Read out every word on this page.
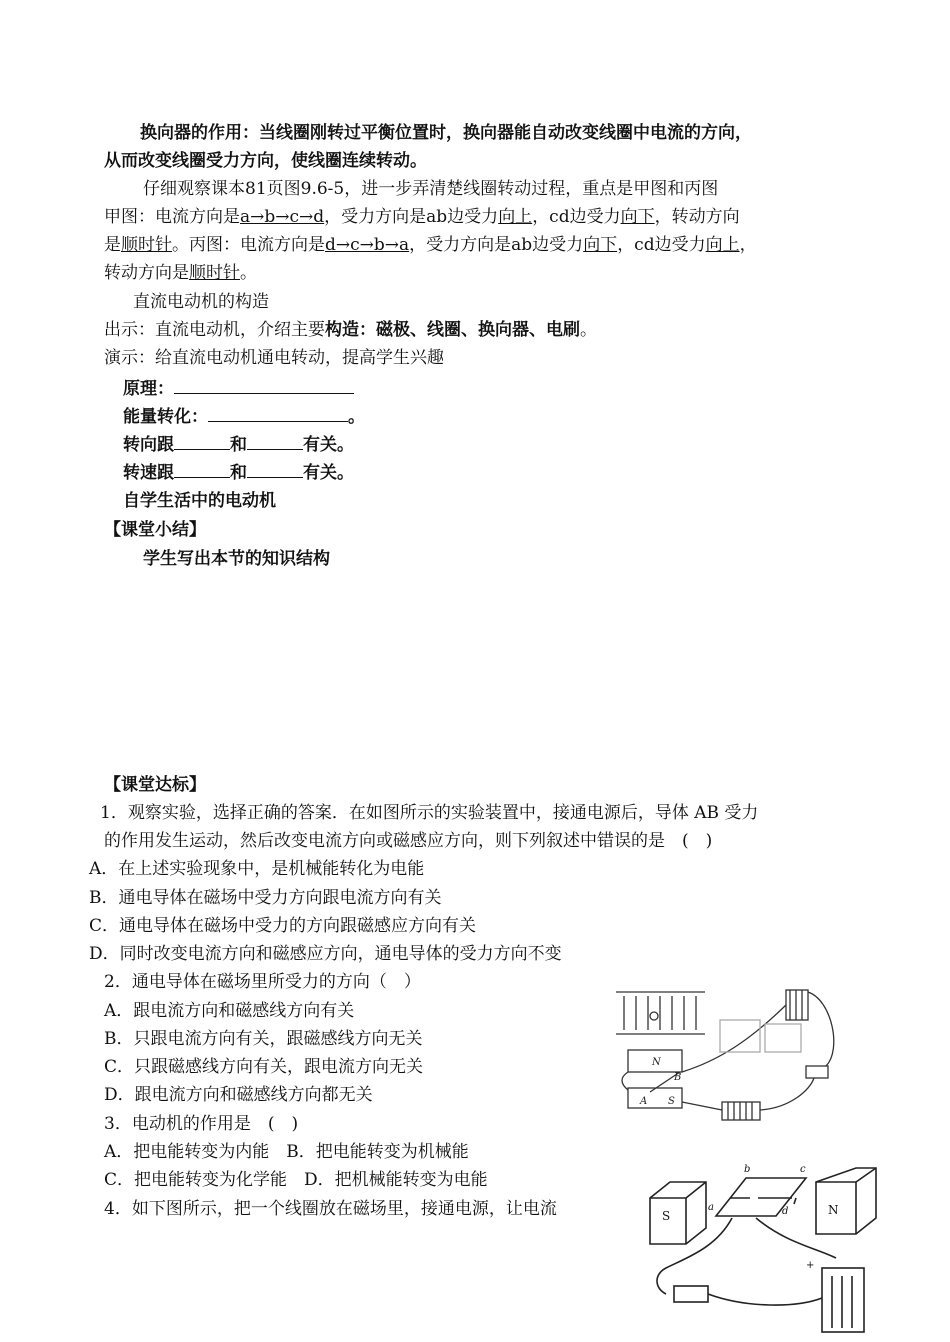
换向器的作用：当线圈刚转过平衡位置时，换向器能自动改变线圈中电流的方向，
从而改变线圈受力方向，使线圈连续转动。
仔细观察课本81页图9.6-5，进一步弄清楚线圈转动过程，重点是甲图和丙图
甲图：电流方向是a→b→c→d，受力方向是ab边受力向上，cd边受力向下，转动方向
是顺时针。丙图：电流方向是d→c→b→a，受力方向是ab边受力向下，cd边受力向上，
转动方向是顺时针。
直流电动机的构造
出示：直流电动机，介绍主要构造：磁极、线圈、换向器、电刷。
演示：给直流电动机通电转动，提高学生兴趣
原理：
能量转化：	。
转向跟	和	有关。
转速跟	和	有关。
自学生活中的电动机
【课堂小结】
学生写出本节的知识结构
【课堂达标】
1．观察实验，选择正确的答案．在如图所示的实验装置中，接通电源后，导体 AB 受力
的作用发生运动，然后改变电流方向或磁感应方向，则下列叙述中错误的是　(　)
A．在上述实验现象中，是机械能转化为电能
B．通电导体在磁场中受力方向跟电流方向有关
C．通电导体在磁场中受力的方向跟磁感应方向有关
D．同时改变电流方向和磁感应方向，通电导体的受力方向不变
2．通电导体在磁场里所受力的方向（　）
A．跟电流方向和磁感线方向有关
B．只跟电流方向有关，跟磁感线方向无关
C．只跟磁感线方向有关，跟电流方向无关
D．跟电流方向和磁感线方向都无关
3．电动机的作用是　(　)
A．把电能转变为内能　B．把电能转变为机械能
C．把电能转变为化学能　D．把机械能转变为电能
4．如下图所示，把一个线圈放在磁场里，接通电源，让电流
N
S
A
B
S	N
a
b	c
d
+
